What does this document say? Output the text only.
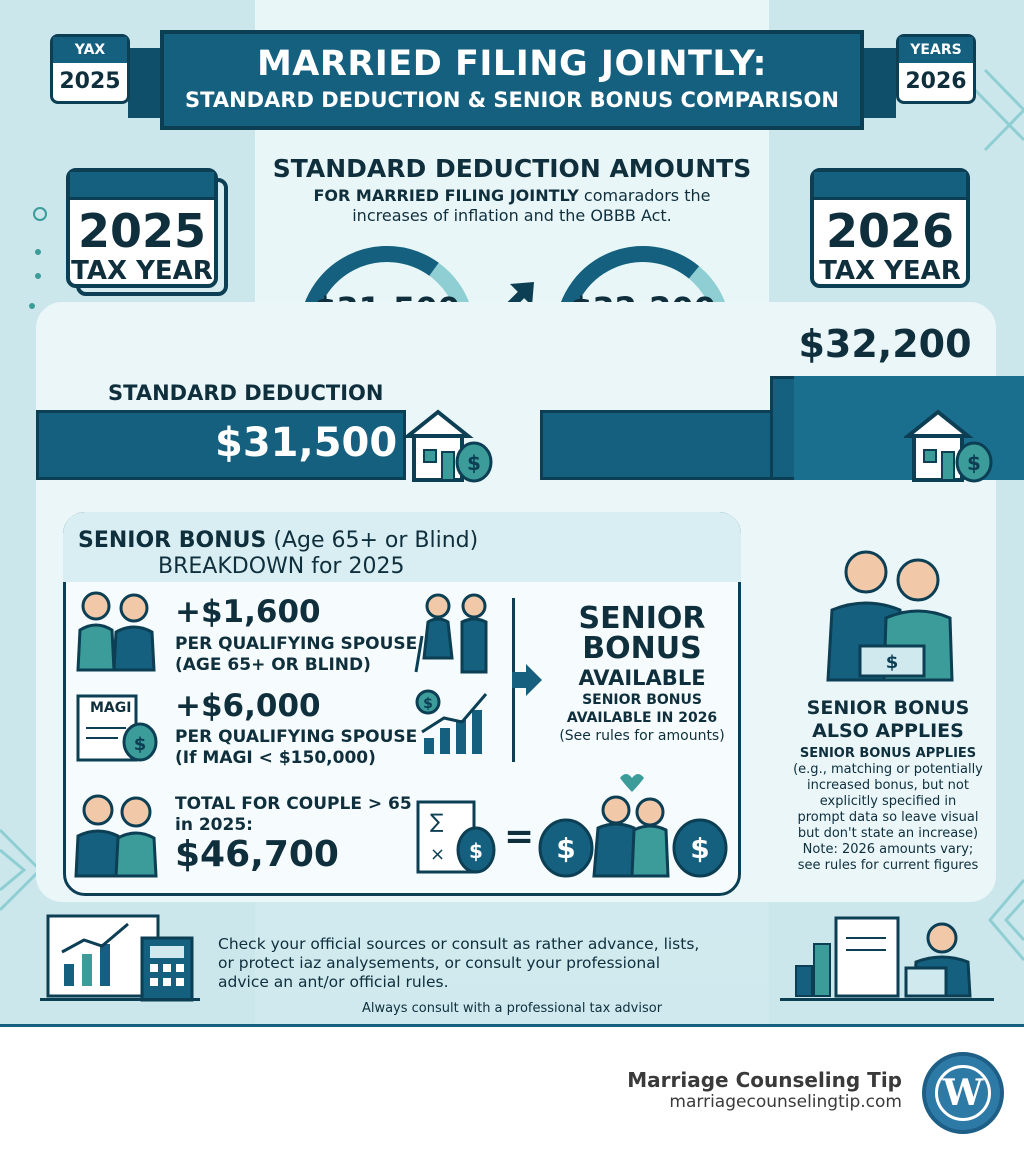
MARRIED FILING JOINTLY:
STANDARD DEDUCTION & SENIOR BONUS COMPARISON
YAX
2025
YEARS
2026
2025
TAX YEAR
2026
TAX YEAR
STANDARD DEDUCTION AMOUNTS
FOR MARRIED FILING JOINTLY comaradors the
increases of inflation and the OBBB Act.
$32,200
STANDARD DEDUCTION
$31,500	$	$
SENIOR BONUS (Age 65+ or Blind)
BREAKDOWN for 2025
+$1,600
PER QUALIFYING SPOUSE
(AGE 65+ OR BLIND)
$
MAGI +$6,000
PER QUALIFYING SPOUSE
(If MAGI < $150,000)
$
TOTAL FOR COUPLE > 65
in 2025:
$46,700
∑
× $ = $	$
SENIOR
BONUS
AVAILABLE
SENIOR BONUS
AVAILABLE IN 2026
(See rules for amounts)
$
SENIOR BONUS
ALSO APPLIES
SENIOR BONUS APPLIES
(e.g., matching or potentially
increased bonus, but not
explicitly specified in
prompt data so leave visual
but don't state an increase)
Note: 2026 amounts vary;
see rules for current figures
Check your official sources or consult as rather advance, lists,
or protect iaz analysements, or consult your professional
advice an ant/or official rules.
Always consult with a professional tax advisor
Marriage Counseling Tip
marriagecounselingtip.com W
